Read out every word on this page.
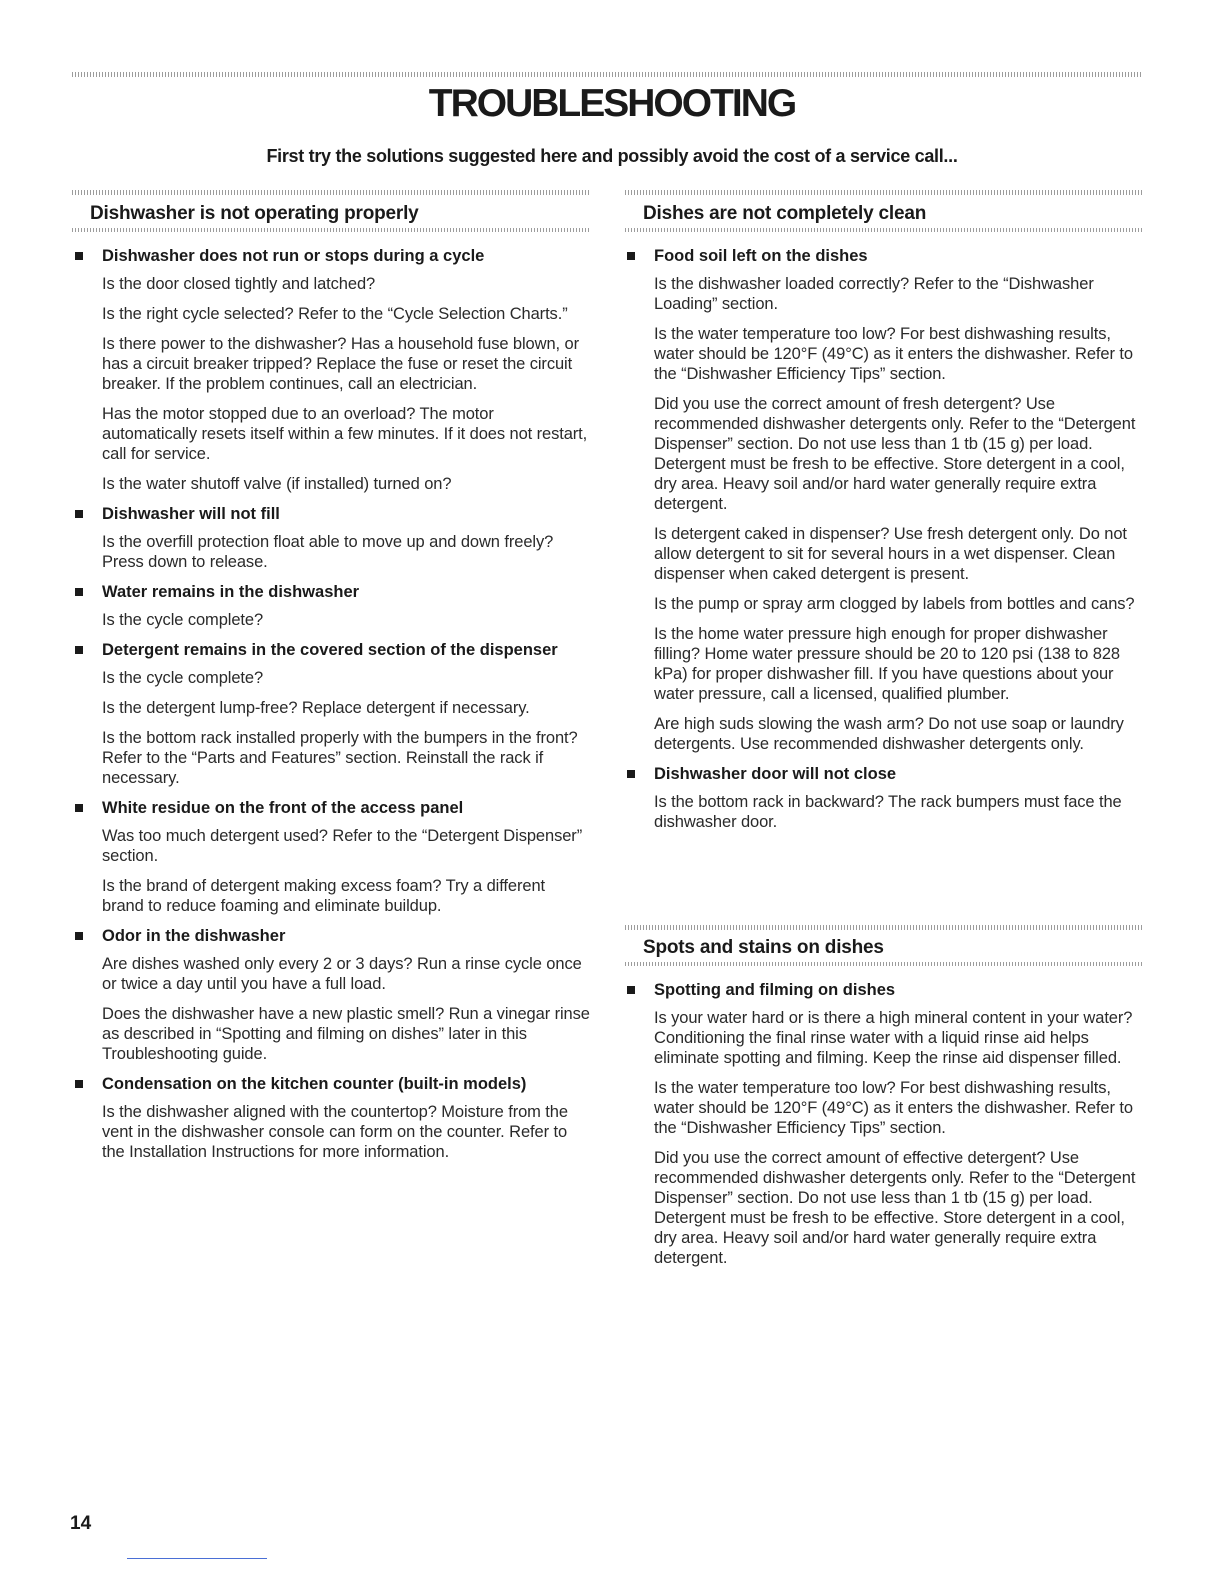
TROUBLESHOOTING

First try the solutions suggested here and possibly avoid the cost of a service call...

Dishwasher is not operating properly

Dishwasher does not run or stops during a cycle

Is the door closed tightly and latched?

Is the right cycle selected? Refer to the “Cycle Selection Charts.”

Is there power to the dishwasher? Has a household fuse blown, or has a circuit breaker tripped? Replace the fuse or reset the circuit breaker. If the problem continues, call an electrician.

Has the motor stopped due to an overload? The motor automatically resets itself within a few minutes. If it does not restart, call for service.

Is the water shutoff valve (if installed) turned on?

Dishwasher will not fill

Is the overfill protection float able to move up and down freely? Press down to release.

Water remains in the dishwasher

Is the cycle complete?

Detergent remains in the covered section of the dispenser

Is the cycle complete?

Is the detergent lump-free? Replace detergent if necessary.

Is the bottom rack installed properly with the bumpers in the front? Refer to the “Parts and Features” section. Reinstall the rack if necessary.

White residue on the front of the access panel

Was too much detergent used? Refer to the “Detergent Dispenser” section.

Is the brand of detergent making excess foam? Try a different brand to reduce foaming and eliminate buildup.

Odor in the dishwasher

Are dishes washed only every 2 or 3 days? Run a rinse cycle once or twice a day until you have a full load.

Does the dishwasher have a new plastic smell? Run a vinegar rinse as described in “Spotting and filming on dishes” later in this Troubleshooting guide.

Condensation on the kitchen counter (built-in models)

Is the dishwasher aligned with the countertop? Moisture from the vent in the dishwasher console can form on the counter. Refer to the Installation Instructions for more information.

Dishes are not completely clean

Food soil left on the dishes

Is the dishwasher loaded correctly? Refer to the “Dishwasher Loading” section.

Is the water temperature too low? For best dishwashing results, water should be 120°F (49°C) as it enters the dishwasher. Refer to the “Dishwasher Efficiency Tips” section.

Did you use the correct amount of fresh detergent? Use recommended dishwasher detergents only. Refer to the “Detergent Dispenser” section. Do not use less than 1 tb (15 g) per load. Detergent must be fresh to be effective. Store detergent in a cool, dry area. Heavy soil and/or hard water generally require extra detergent.

Is detergent caked in dispenser? Use fresh detergent only. Do not allow detergent to sit for several hours in a wet dispenser. Clean dispenser when caked detergent is present.

Is the pump or spray arm clogged by labels from bottles and cans?

Is the home water pressure high enough for proper dishwasher filling? Home water pressure should be 20 to 120 psi (138 to 828 kPa) for proper dishwasher fill. If you have questions about your water pressure, call a licensed, qualified plumber.

Are high suds slowing the wash arm? Do not use soap or laundry detergents. Use recommended dishwasher detergents only.

Dishwasher door will not close

Is the bottom rack in backward? The rack bumpers must face the dishwasher door.

Spots and stains on dishes

Spotting and filming on dishes

Is your water hard or is there a high mineral content in your water? Conditioning the final rinse water with a liquid rinse aid helps eliminate spotting and filming. Keep the rinse aid dispenser filled.

Is the water temperature too low? For best dishwashing results, water should be 120°F (49°C) as it enters the dishwasher. Refer to the “Dishwasher Efficiency Tips” section.

Did you use the correct amount of effective detergent? Use recommended dishwasher detergents only. Refer to the “Detergent Dispenser” section. Do not use less than 1 tb (15 g) per load. Detergent must be fresh to be effective. Store detergent in a cool, dry area. Heavy soil and/or hard water generally require extra detergent.

14
